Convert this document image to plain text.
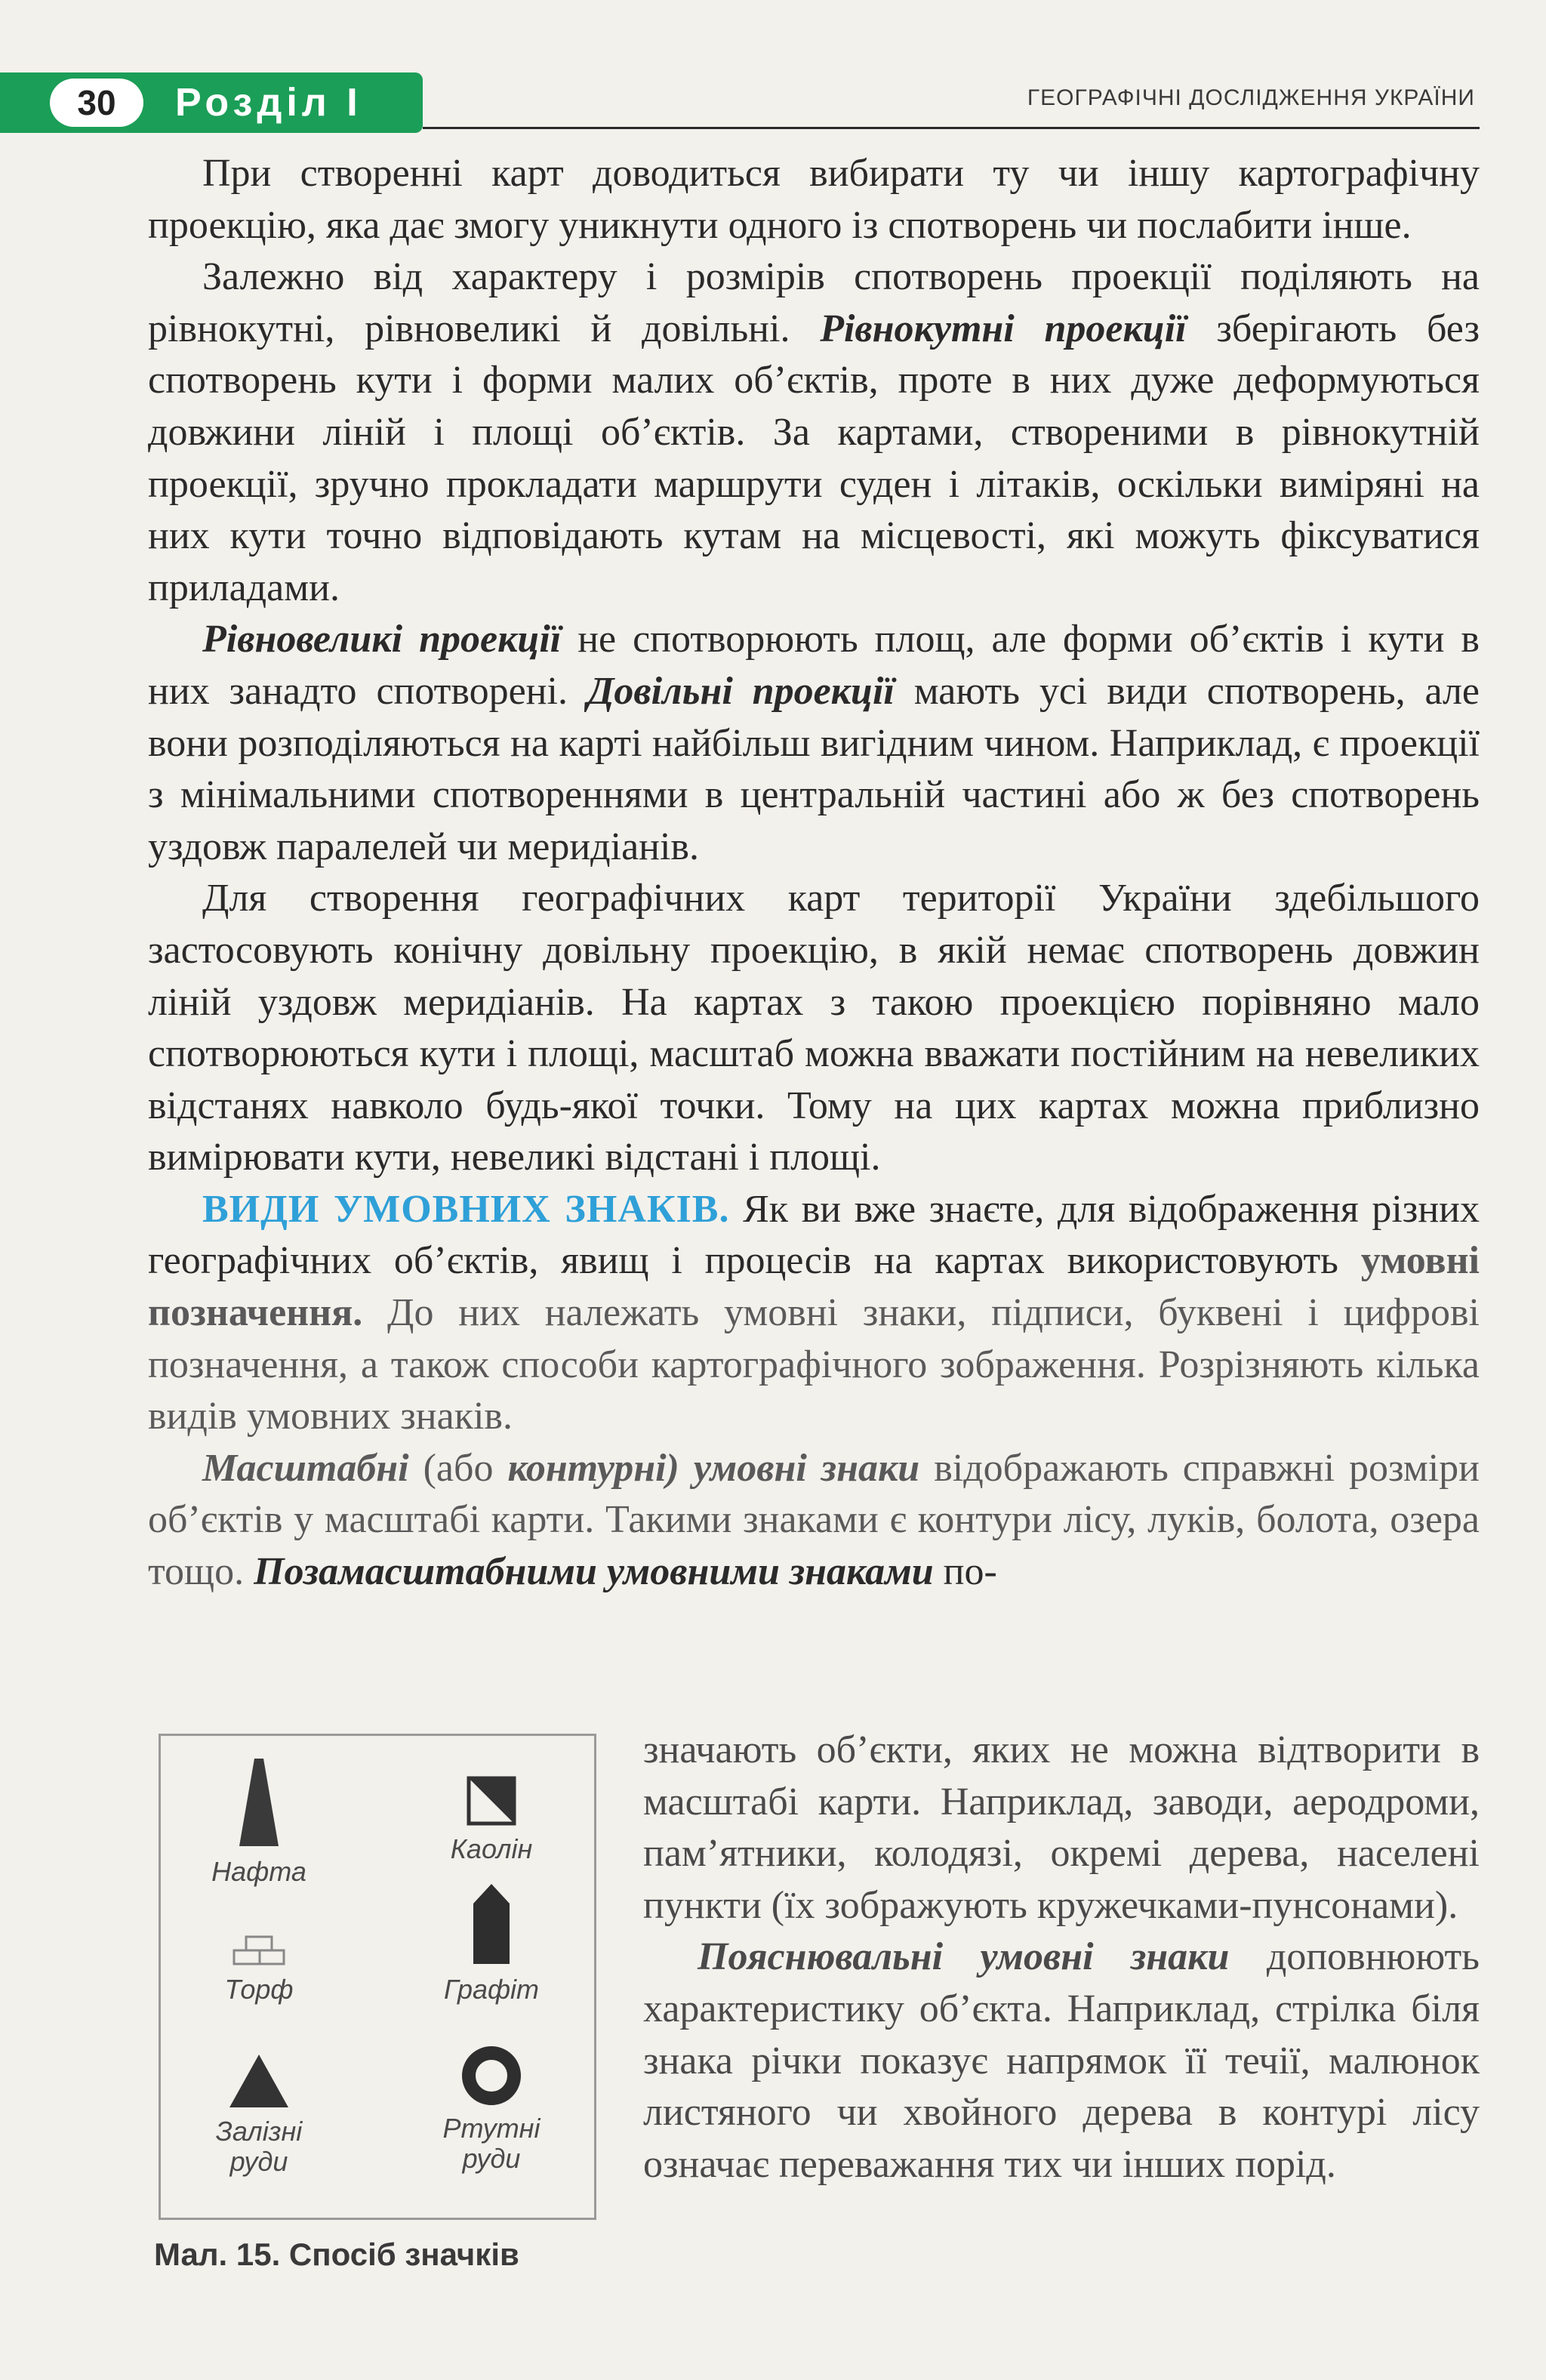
30	Розділ І	ГЕОГРАФІЧНІ ДОСЛІДЖЕННЯ УКРАЇНИ

При створенні карт доводиться вибирати ту чи іншу картографічну проекцію, яка дає змогу уникнути одного із спотворень чи послабити інше.

Залежно від характеру і розмірів спотворень проекції поділяють на рівнокутні, рівновеликі й довільні. Рівнокутні проекції зберігають без спотворень кути і форми малих об’єктів, проте в них дуже деформуються довжини ліній і площі об’єктів. За картами, створеними в рівнокутній проекції, зручно прокладати маршрути суден і літаків, оскільки виміряні на них кути точно відповідають кутам на місцевості, які можуть фіксуватися приладами.

Рівновеликі проекції не спотворюють площ, але форми об’єктів і кути в них занадто спотворені. Довільні проекції мають усі види спотворень, але вони розподіляються на карті найбільш вигідним чином. Наприклад, є проекції з мінімальними спотвореннями в центральній частині або ж без спотворень уздовж паралелей чи меридіанів.

Для створення географічних карт території України здебільшого застосовують конічну довільну проекцію, в якій немає спотворень довжин ліній уздовж меридіанів. На картах з такою проекцією порівняно мало спотворюються кути і площі, масштаб можна вважати постійним на невеликих відстанях навколо будь-якої точки. Тому на цих картах можна приблизно вимірювати кути, невеликі відстані і площі.

ВИДИ УМОВНИХ ЗНАКІВ. Як ви вже знаєте, для відображення різних географічних об’єктів, явищ і процесів на картах використовують умовні позначення. До них належать умовні знаки, підписи, буквені і цифрові позначення, а також способи картографічного зображення. Розрізняють кілька видів умовних знаків.

Масштабні (або контурні) умовні знаки відображають справжні розміри об’єктів у масштабі карти. Такими знаками є контури лісу, луків, болота, озера тощо. Позамасштабними умовними знаками по-

значають об’єкти, яких не можна відтворити в масштабі карти. Наприклад, заводи, аеродроми, пам’ятники, колодязі, окремі дерева, населені пункти (їх зображують кружечками-пунсонами).

Пояснювальні умовні знаки доповнюють характеристику об’єкта. Наприклад, стрілка біля знака річки показує напрямок її течії, малюнок листяного чи хвойного дерева в контурі лісу означає переважання тих чи інших порід.

Нафта
Каолін
Торф	Графіт
Залізні
руди
Ртутні
руди
Мал. 15. Спосіб значків
